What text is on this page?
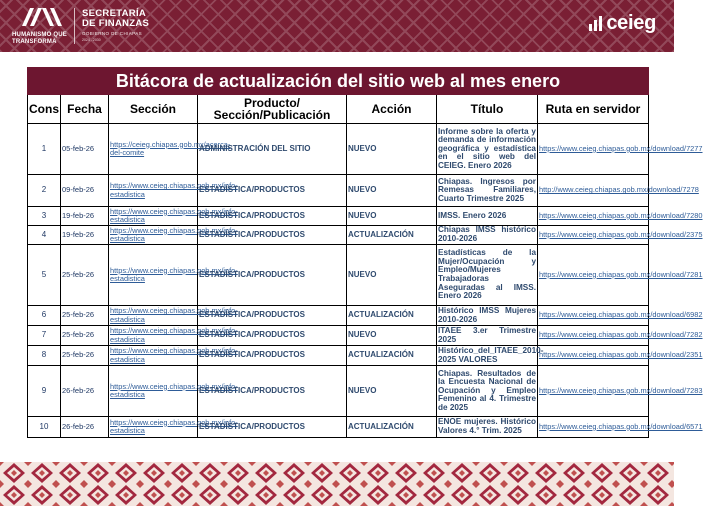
HUMANISMO QUE
TRANSFORMA
SECRETARÍA
DE FINANZAS
GOBIERNO DE CHIAPAS
2024 - 2030
ceieg
Bitácora de actualización del sitio web al mes enero						
Cons	Fecha	Sección	Producto/
Sección/Publicación	Acción	Título	Ruta en servidor
1	05-feb-26	https://ceieg.chiapas.gob.mx/acerca-del-comite	ADMINISTRACIÓN DEL SITIO	NUEVO	Informe sobre la oferta y demanda de información geográfica y estadística en el sitio web del CEIEG. Enero 2026	https://www.ceieg.chiapas.gob.mx/download/7277
2	09-feb-26	https://www.ceieg.chiapas.gob.mx/info-estadistica	ESTADÍSTICA/PRODUCTOS	NUEVO	Chiapas. Ingresos por Remesas Familiares, Cuarto Trimestre 2025	http://www.ceieg.chiapas.gob.mx/download/7278
3	19-feb-26	https://www.ceieg.chiapas.gob.mx/info-estadistica	ESTADÍSTICA/PRODUCTOS	NUEVO	IMSS. Enero 2026	https://www.ceieg.chiapas.gob.mx/download/7280
4	19-feb-26	https://www.ceieg.chiapas.gob.mx/info-estadistica	ESTADÍSTICA/PRODUCTOS	ACTUALIZACIÓN	Chiapas IMSS histórico 2010-2026	https://www.ceieg.chiapas.gob.mx/download/2375
5	25-feb-26	https://www.ceieg.chiapas.gob.mx/info-estadistica	ESTADÍSTICA/PRODUCTOS	NUEVO	Estadísticas de la Mujer/Ocupación y Empleo/Mujeres Trabajadoras Aseguradas al IMSS. Enero 2026	https://www.ceieg.chiapas.gob.mx/download/7281
6	25-feb-26	https://www.ceieg.chiapas.gob.mx/info-estadistica	ESTADÍSTICA/PRODUCTOS	ACTUALIZACIÓN	Histórico IMSS Mujeres 2010-2026	https://www.ceieg.chiapas.gob.mx/download/6982
7	25-feb-26	https://www.ceieg.chiapas.gob.mx/info-estadistica	ESTADÍSTICA/PRODUCTOS	NUEVO	ITAEE 3.er Trimestre 2025	https://www.ceieg.chiapas.gob.mx/download/7282
8	25-feb-26	https://www.ceieg.chiapas.gob.mx/info-estadistica	ESTADÍSTICA/PRODUCTOS	ACTUALIZACIÓN	Histórico_del_ITAEE_2010-2025 VALORES	https://www.ceieg.chiapas.gob.mx/download/2351
9	26-feb-26	https://www.ceieg.chiapas.gob.mx/info-estadistica	ESTADÍSTICA/PRODUCTOS	NUEVO	Chiapas. Resultados de la Encuesta Nacional de Ocupación y Empleo Femenino al 4. Trimestre de 2025	https://www.ceieg.chiapas.gob.mx/download/7283
10	26-feb-26	https://www.ceieg.chiapas.gob.mx/info-estadistica	ESTADÍSTICA/PRODUCTOS	ACTUALIZACIÓN	ENOE mujeres. Histórico Valores 4.° Trim. 2025	https://www.ceieg.chiapas.gob.mx/download/6571
